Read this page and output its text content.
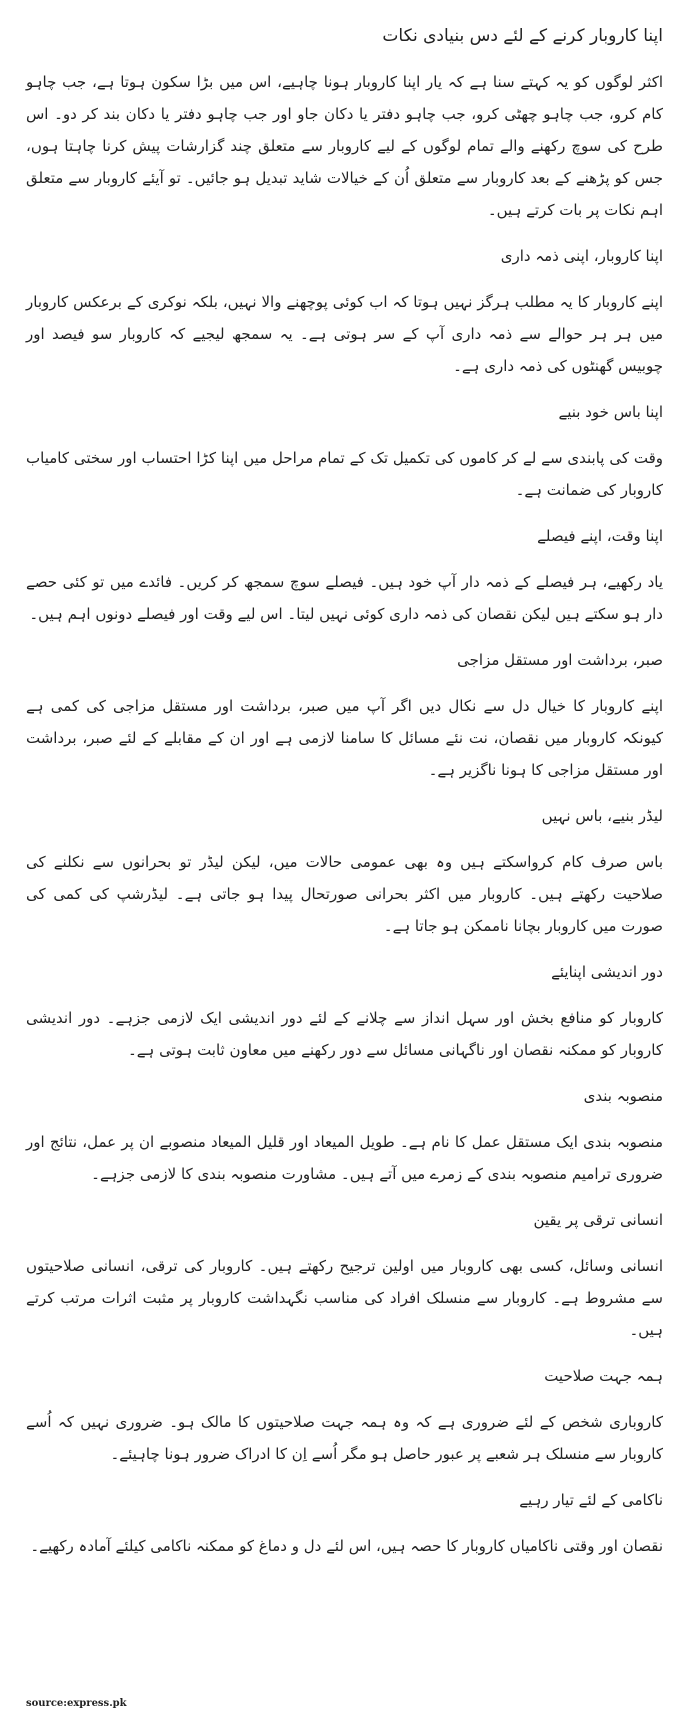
اپنا کاروبار کرنے کے لئے دس بنیادی نکات

اکثر لوگوں کو یہ کہتے سنا ہے کہ یار اپنا کاروبار ہونا چاہیے، اس میں بڑا سکون ہوتا ہے، جب چاہو کام کرو، جب چاہو چھٹی کرو، جب چاہو دفتر یا دکان جاو اور جب چاہو دفتر یا دکان بند کر دو۔ اس طرح کی سوچ رکھنے والے تمام لوگوں کے لیے کاروبار سے متعلق چند گزارشات پیش کرنا چاہتا ہوں، جس کو پڑھنے کے بعد کاروبار سے متعلق اُن کے خیالات شاید تبدیل ہو جائیں۔ تو آیئے کاروبار سے متعلق اہم نکات پر بات کرتے ہیں۔

اپنا کاروبار، اپنی ذمہ داری

اپنے کاروبار کا یہ مطلب ہرگز نہیں ہوتا کہ اب کوئی پوچھنے والا نہیں، بلکہ نوکری کے برعکس کاروبار میں ہر ہر حوالے سے ذمہ داری آپ کے سر ہوتی ہے۔ یہ سمجھ لیجیے کہ کاروبار سو فیصد اور چوبیس گھنٹوں کی ذمہ داری ہے۔

اپنا باس خود بنیے

وقت کی پابندی سے لے کر کاموں کی تکمیل تک کے تمام مراحل میں اپنا کڑا احتساب اور سختی کامیاب کاروبار کی ضمانت ہے۔

اپنا وقت، اپنے فیصلے

یاد رکھیے، ہر فیصلے کے ذمہ دار آپ خود ہیں۔ فیصلے سوچ سمجھ کر کریں۔ فائدے میں تو کئی حصے دار ہو سکتے ہیں لیکن نقصان کی ذمہ داری کوئی نہیں لیتا۔ اس لیے وقت اور فیصلے دونوں اہم ہیں۔

صبر، برداشت اور مستقل مزاجی

اپنے کاروبار کا خیال دل سے نکال دیں اگر آپ میں صبر، برداشت اور مستقل مزاجی کی کمی ہے کیونکہ کاروبار میں نقصان، نت نئے مسائل کا سامنا لازمی ہے اور ان کے مقابلے کے لئے صبر، برداشت اور مستقل مزاجی کا ہونا ناگزیر ہے۔

لیڈر بنیے، باس نہیں

باس صرف کام کرواسکتے ہیں وہ بھی عمومی حالات میں، لیکن لیڈر تو بحرانوں سے نکلنے کی صلاحیت رکھتے ہیں۔ کاروبار میں اکثر بحرانی صورتحال پیدا ہو جاتی ہے۔ لیڈرشپ کی کمی کی صورت میں کاروبار بچانا ناممکن ہو جاتا ہے۔

دور اندیشی اپنایئے

کاروبار کو منافع بخش اور سہل انداز سے چلانے کے لئے دور اندیشی ایک لازمی جزہے۔ دور اندیشی کاروبار کو ممکنہ نقصان اور ناگہانی مسائل سے دور رکھنے میں معاون ثابت ہوتی ہے۔

منصوبہ بندی

منصوبہ بندی ایک مستقل عمل کا نام ہے۔ طویل المیعاد اور قلیل المیعاد منصوبے ان پر عمل، نتائج اور ضروری ترامیم منصوبہ بندی کے زمرے میں آتے ہیں۔ مشاورت منصوبہ بندی کا لازمی جزہے۔

انسانی ترقی پر یقین

انسانی وسائل، کسی بھی کاروبار میں اولین ترجیح رکھتے ہیں۔ کاروبار کی ترقی، انسانی صلاحیتوں سے مشروط ہے۔ کاروبار سے منسلک افراد کی مناسب نگہداشت کاروبار پر مثبت اثرات مرتب کرتے ہیں۔

ہمہ جہت صلاحیت

کاروباری شخص کے لئے ضروری ہے کہ وہ ہمہ جہت صلاحیتوں کا مالک ہو۔ ضروری نہیں کہ اُسے کاروبار سے منسلک ہر شعبے پر عبور حاصل ہو مگر اُسے اِن کا ادراک ضرور ہونا چاہیئے۔

ناکامی کے لئے تیار رہیے

نقصان اور وقتی ناکامیاں کاروبار کا حصہ ہیں، اس لئے دل و دماغ کو ممکنہ ناکامی کیلئے آمادہ رکھیے۔

source:express.pk
